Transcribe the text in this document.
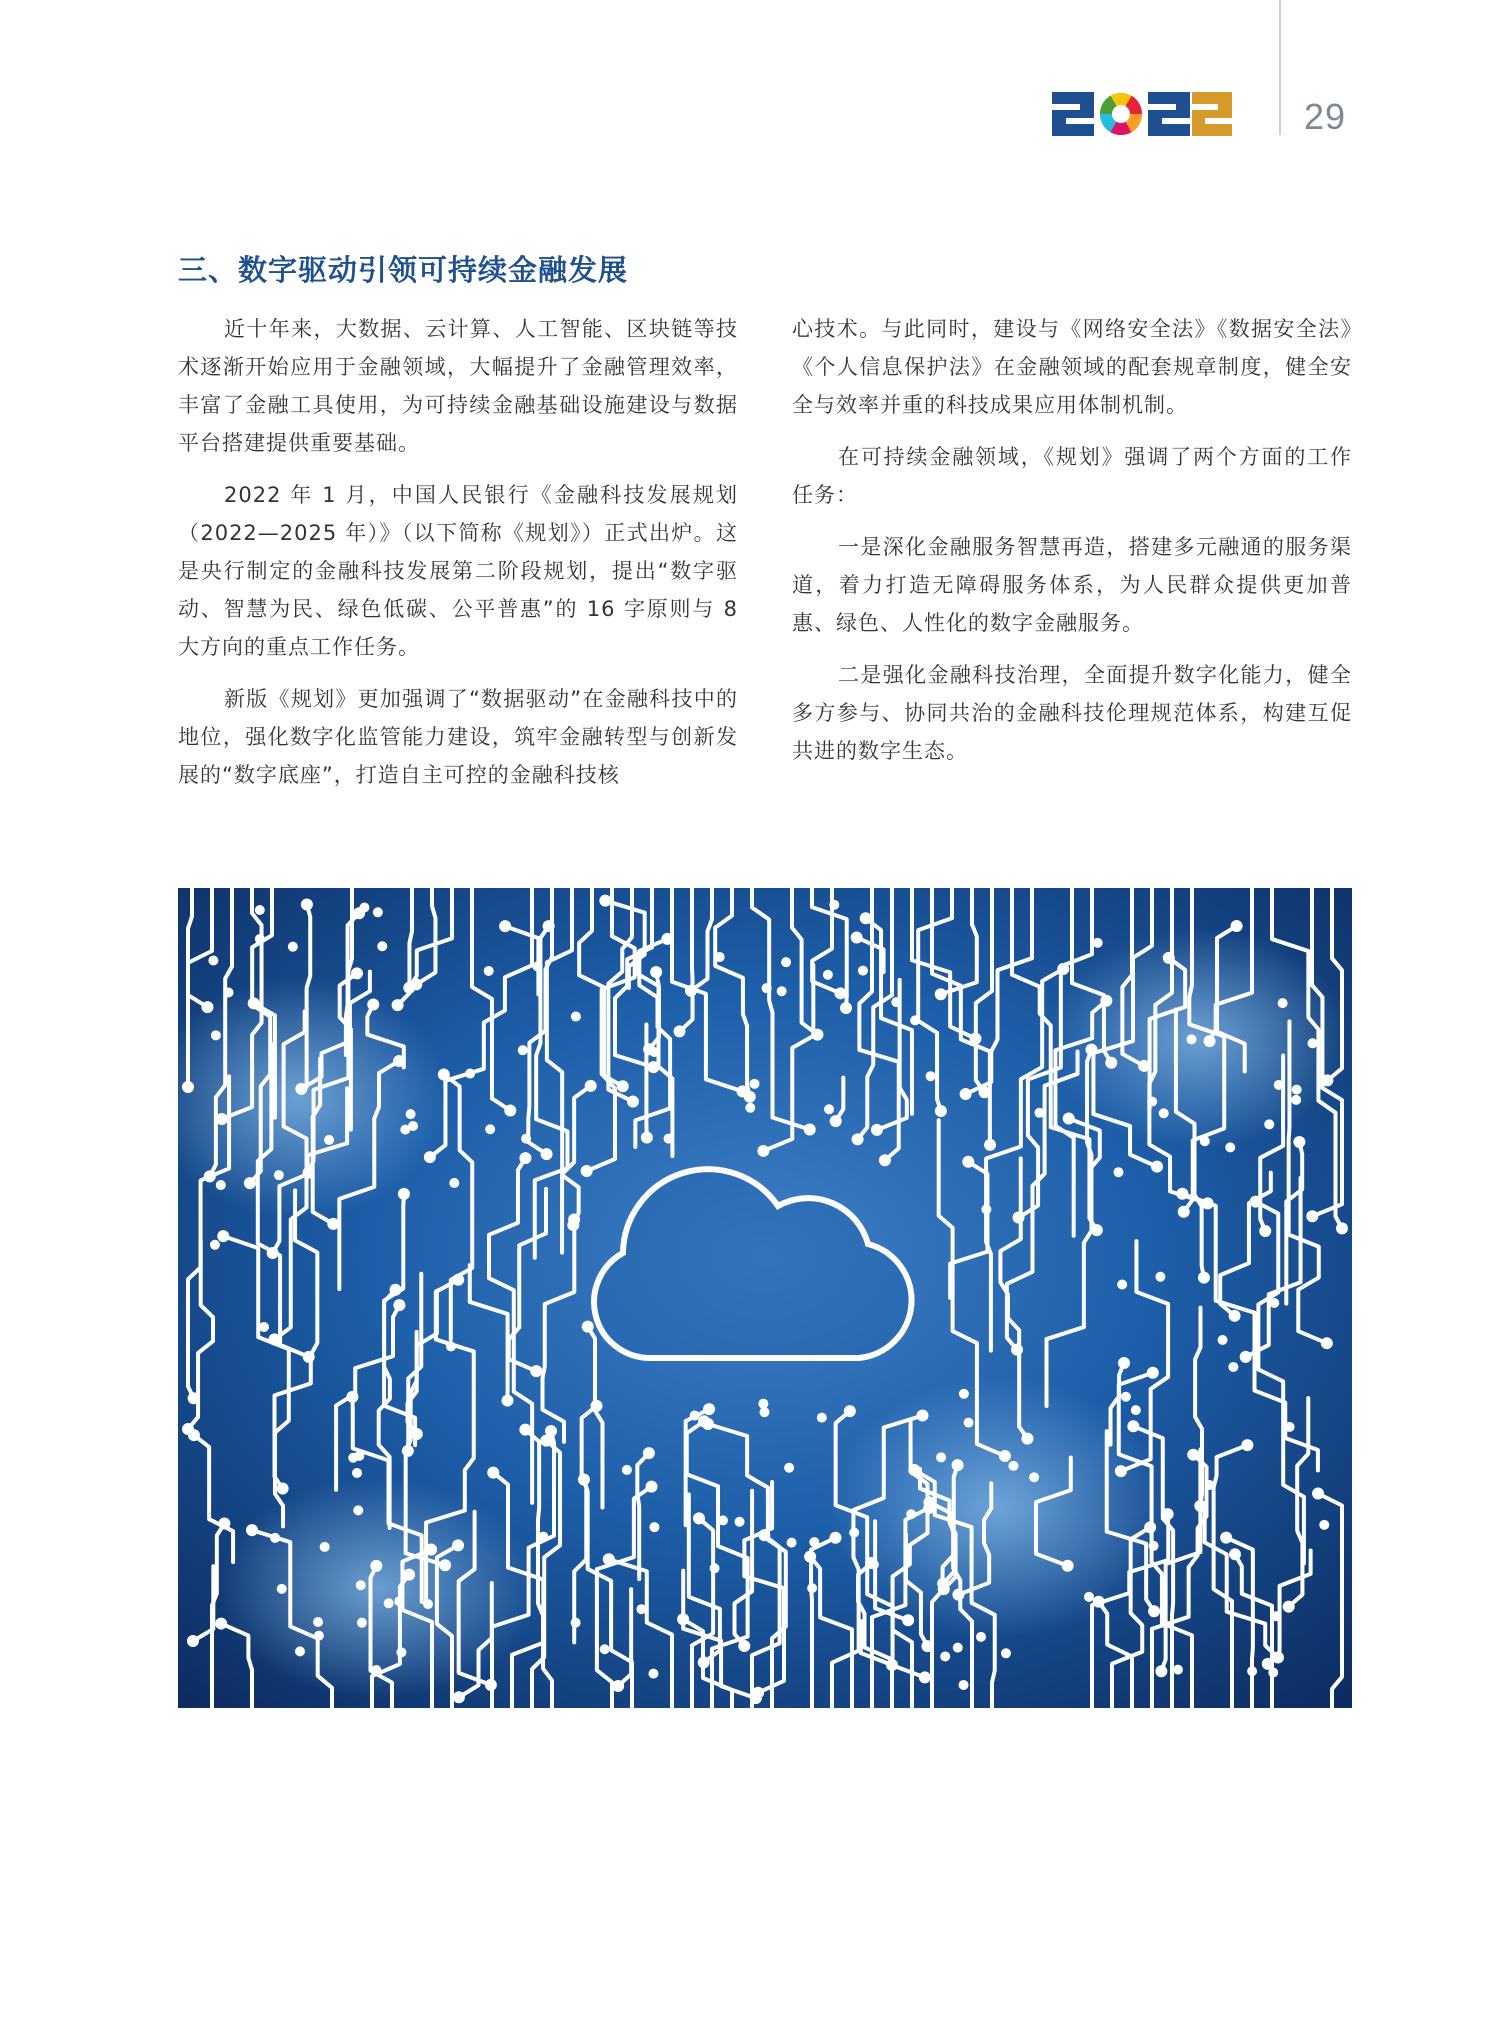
29
三、数字驱动引领可持续金融发展

近十年来，大数据、云计算、人工智能、区块链等技术逐渐开始应用于金融领域，大幅提升了金融管理效率，丰富了金融工具使用，为可持续金融基础设施建设与数据平台搭建提供重要基础。

2022 年 1 月，中国人民银行《金融科技发展规划（2022—2025 年）》（以下简称《规划》）正式出炉。这是央行制定的金融科技发展第二阶段规划，提出“数字驱动、智慧为民、绿色低碳、公平普惠”的 16 字原则与 8 大方向的重点工作任务。

新版《规划》更加强调了“数据驱动”在金融科技中的地位，强化数字化监管能力建设，筑牢金融转型与创新发展的“数字底座”，打造自主可控的金融科技核

心技术。与此同时，建设与《网络安全法》《数据安全法》《个人信息保护法》在金融领域的配套规章制度，健全安全与效率并重的科技成果应用体制机制。

在可持续金融领域，《规划》强调了两个方面的工作任务：

一是深化金融服务智慧再造，搭建多元融通的服务渠道，着力打造无障碍服务体系，为人民群众提供更加普惠、绿色、人性化的数字金融服务。

二是强化金融科技治理，全面提升数字化能力，健全多方参与、协同共治的金融科技伦理规范体系，构建互促共进的数字生态。
